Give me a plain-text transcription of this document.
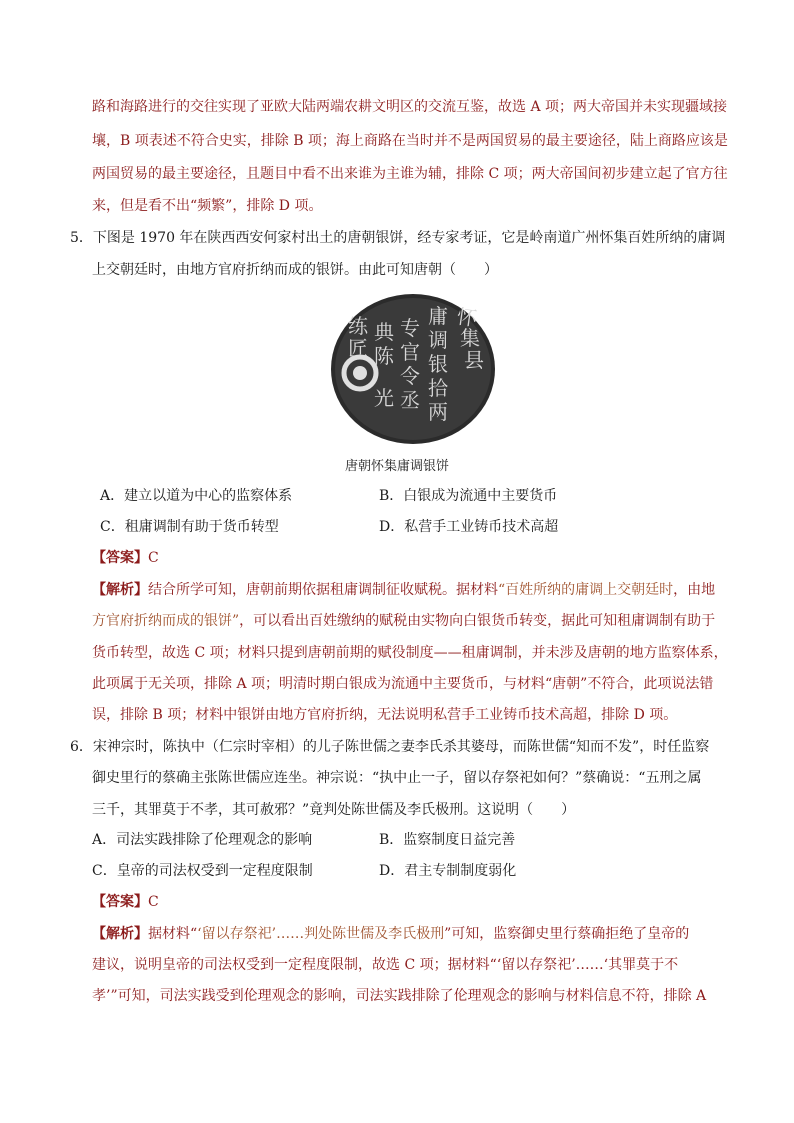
路和海路进行的交往实现了亚欧大陆两端农耕文明区的交流互鉴，故选 A 项；两大帝国并未实现疆域接
壤，B 项表述不符合史实，排除 B 项；海上商路在当时并不是两国贸易的最主要途径，陆上商路应该是
两国贸易的最主要途径，且题目中看不出来谁为主谁为辅，排除 C 项；两大帝国间初步建立起了官方往
来，但是看不出“频繁”，排除 D 项。
5．下图是 1970 年在陕西西安何家村出土的唐朝银饼，经专家考证，它是岭南道广州怀集百姓所纳的庸调
上交朝廷时，由地方官府折纳而成的银饼。由此可知唐朝（　　）
怀
集
县
庸
调
银
拾
两
专
官
令
丞
典
陈
光
练
匠
唐朝怀集庸调银饼
A．建立以道为中心的监察体系	B．白银成为流通中主要货币
C．租庸调制有助于货币转型	D．私营手工业铸币技术高超
【答案】C
【解析】结合所学可知，唐朝前期依据租庸调制征收赋税。据材料“百姓所纳的庸调上交朝廷时，由地
方官府折纳而成的银饼”，可以看出百姓缴纳的赋税由实物向白银货币转变，据此可知租庸调制有助于
货币转型，故选 C 项；材料只提到唐朝前期的赋役制度——租庸调制，并未涉及唐朝的地方监察体系，
此项属于无关项，排除 A 项；明清时期白银成为流通中主要货币，与材料“唐朝”不符合，此项说法错
误，排除 B 项；材料中银饼由地方官府折纳，无法说明私营手工业铸币技术高超，排除 D 项。
6．宋神宗时，陈执中（仁宗时宰相）的儿子陈世儒之妻李氏杀其婆母，而陈世儒“知而不发”，时任监察
御史里行的蔡确主张陈世儒应连坐。神宗说：“执中止一子，留以存祭祀如何？”蔡确说：“五刑之属
三千，其罪莫于不孝，其可赦邪？”竟判处陈世儒及李氏极刑。这说明（　　）
A．司法实践排除了伦理观念的影响	B．监察制度日益完善
C．皇帝的司法权受到一定程度限制	D．君主专制制度弱化
【答案】C
【解析】据材料“‘留以存祭祀’……判处陈世儒及李氏极刑”可知，监察御史里行蔡确拒绝了皇帝的
建议，说明皇帝的司法权受到一定程度限制，故选 C 项；据材料“‘留以存祭祀’……‘其罪莫于不
孝’”可知，司法实践受到伦理观念的影响，司法实践排除了伦理观念的影响与材料信息不符，排除 A
